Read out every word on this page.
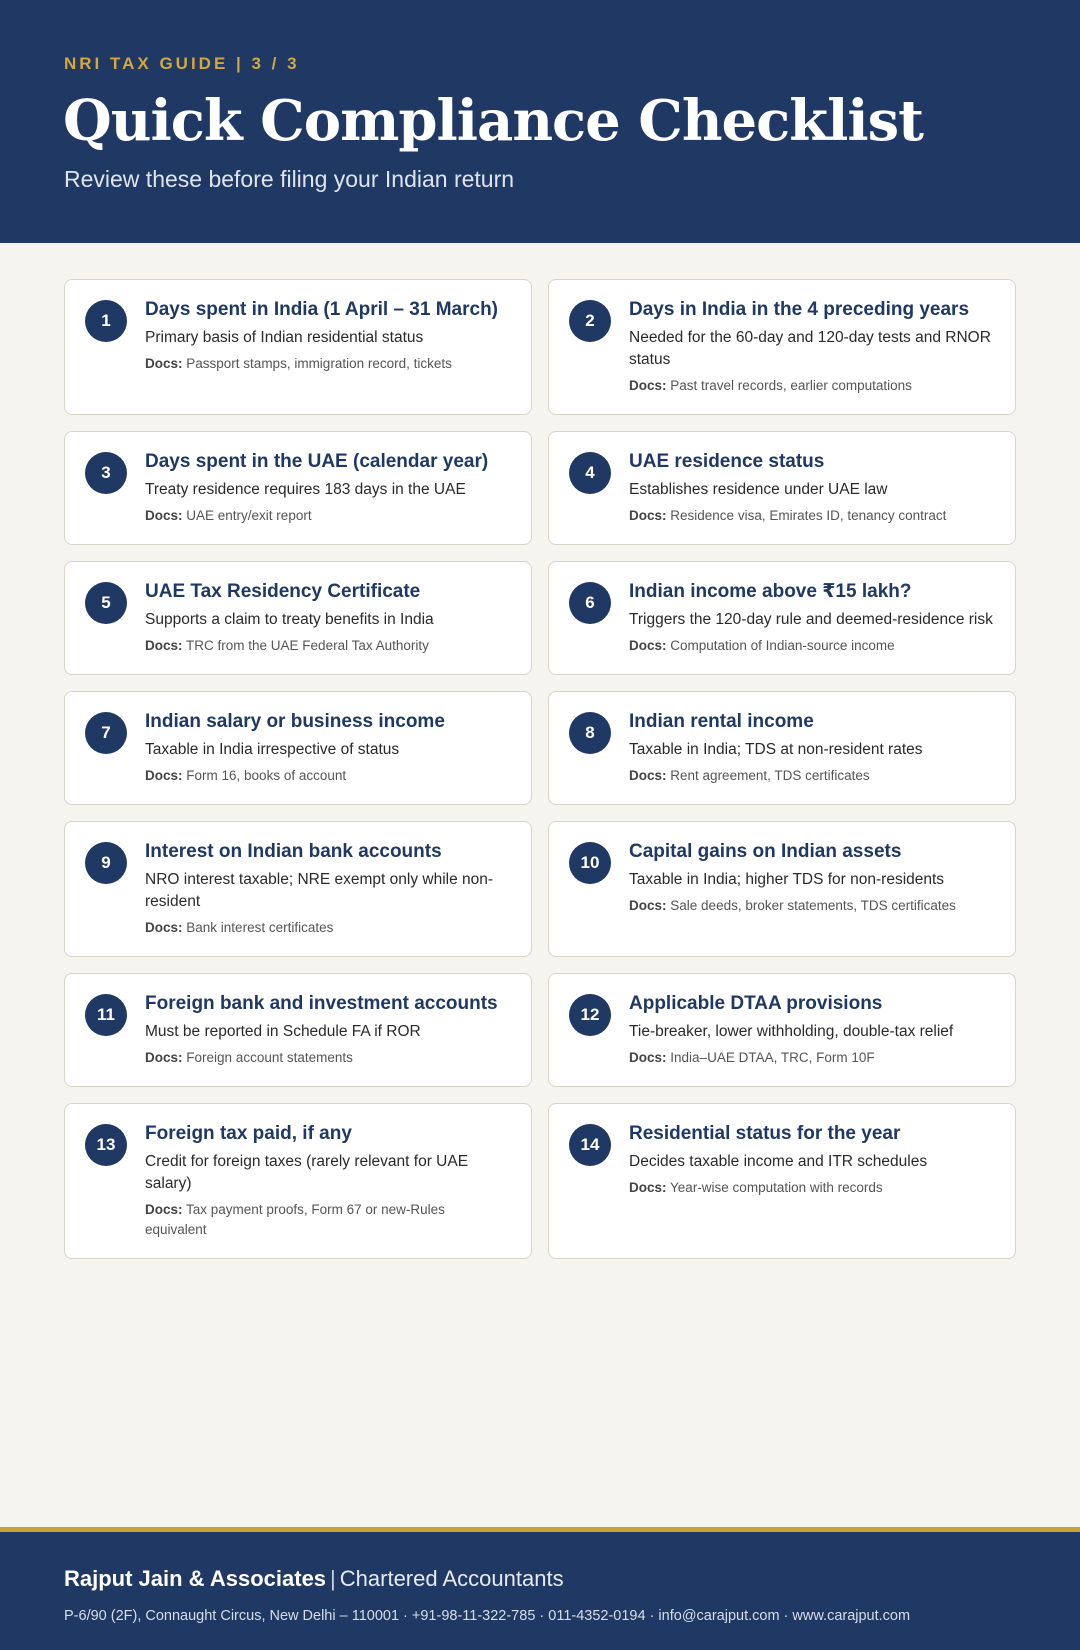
NRI TAX GUIDE | 3 / 3
Quick Compliance Checklist
Review these before filing your Indian return
1
Days spent in India (1 April – 31 March)
Primary basis of Indian residential status
Docs: Passport stamps, immigration record, tickets
2
Days in India in the 4 preceding years
Needed for the 60-day and 120-day tests and RNOR status
Docs: Past travel records, earlier computations
3
Days spent in the UAE (calendar year)
Treaty residence requires 183 days in the UAE
Docs: UAE entry/exit report
4
UAE residence status
Establishes residence under UAE law
Docs: Residence visa, Emirates ID, tenancy contract
5
UAE Tax Residency Certificate
Supports a claim to treaty benefits in India
Docs: TRC from the UAE Federal Tax Authority
6
Indian income above ₹15 lakh?
Triggers the 120-day rule and deemed-residence risk
Docs: Computation of Indian-source income
7
Indian salary or business income
Taxable in India irrespective of status
Docs: Form 16, books of account
8
Indian rental income
Taxable in India; TDS at non-resident rates
Docs: Rent agreement, TDS certificates
9
Interest on Indian bank accounts
NRO interest taxable; NRE exempt only while non-resident
Docs: Bank interest certificates
10
Capital gains on Indian assets
Taxable in India; higher TDS for non-residents
Docs: Sale deeds, broker statements, TDS certificates
11
Foreign bank and investment accounts
Must be reported in Schedule FA if ROR
Docs: Foreign account statements
12
Applicable DTAA provisions
Tie-breaker, lower withholding, double-tax relief
Docs: India–UAE DTAA, TRC, Form 10F
13
Foreign tax paid, if any
Credit for foreign taxes (rarely relevant for UAE salary)
Docs: Tax payment proofs, Form 67 or new-Rules equivalent
14
Residential status for the year
Decides taxable income and ITR schedules
Docs: Year-wise computation with records
Rajput Jain & Associates | Chartered Accountants
P-6/90 (2F), Connaught Circus, New Delhi – 110001 · +91-98-11-322-785 · 011-4352-0194 · info@carajput.com · www.carajput.com
